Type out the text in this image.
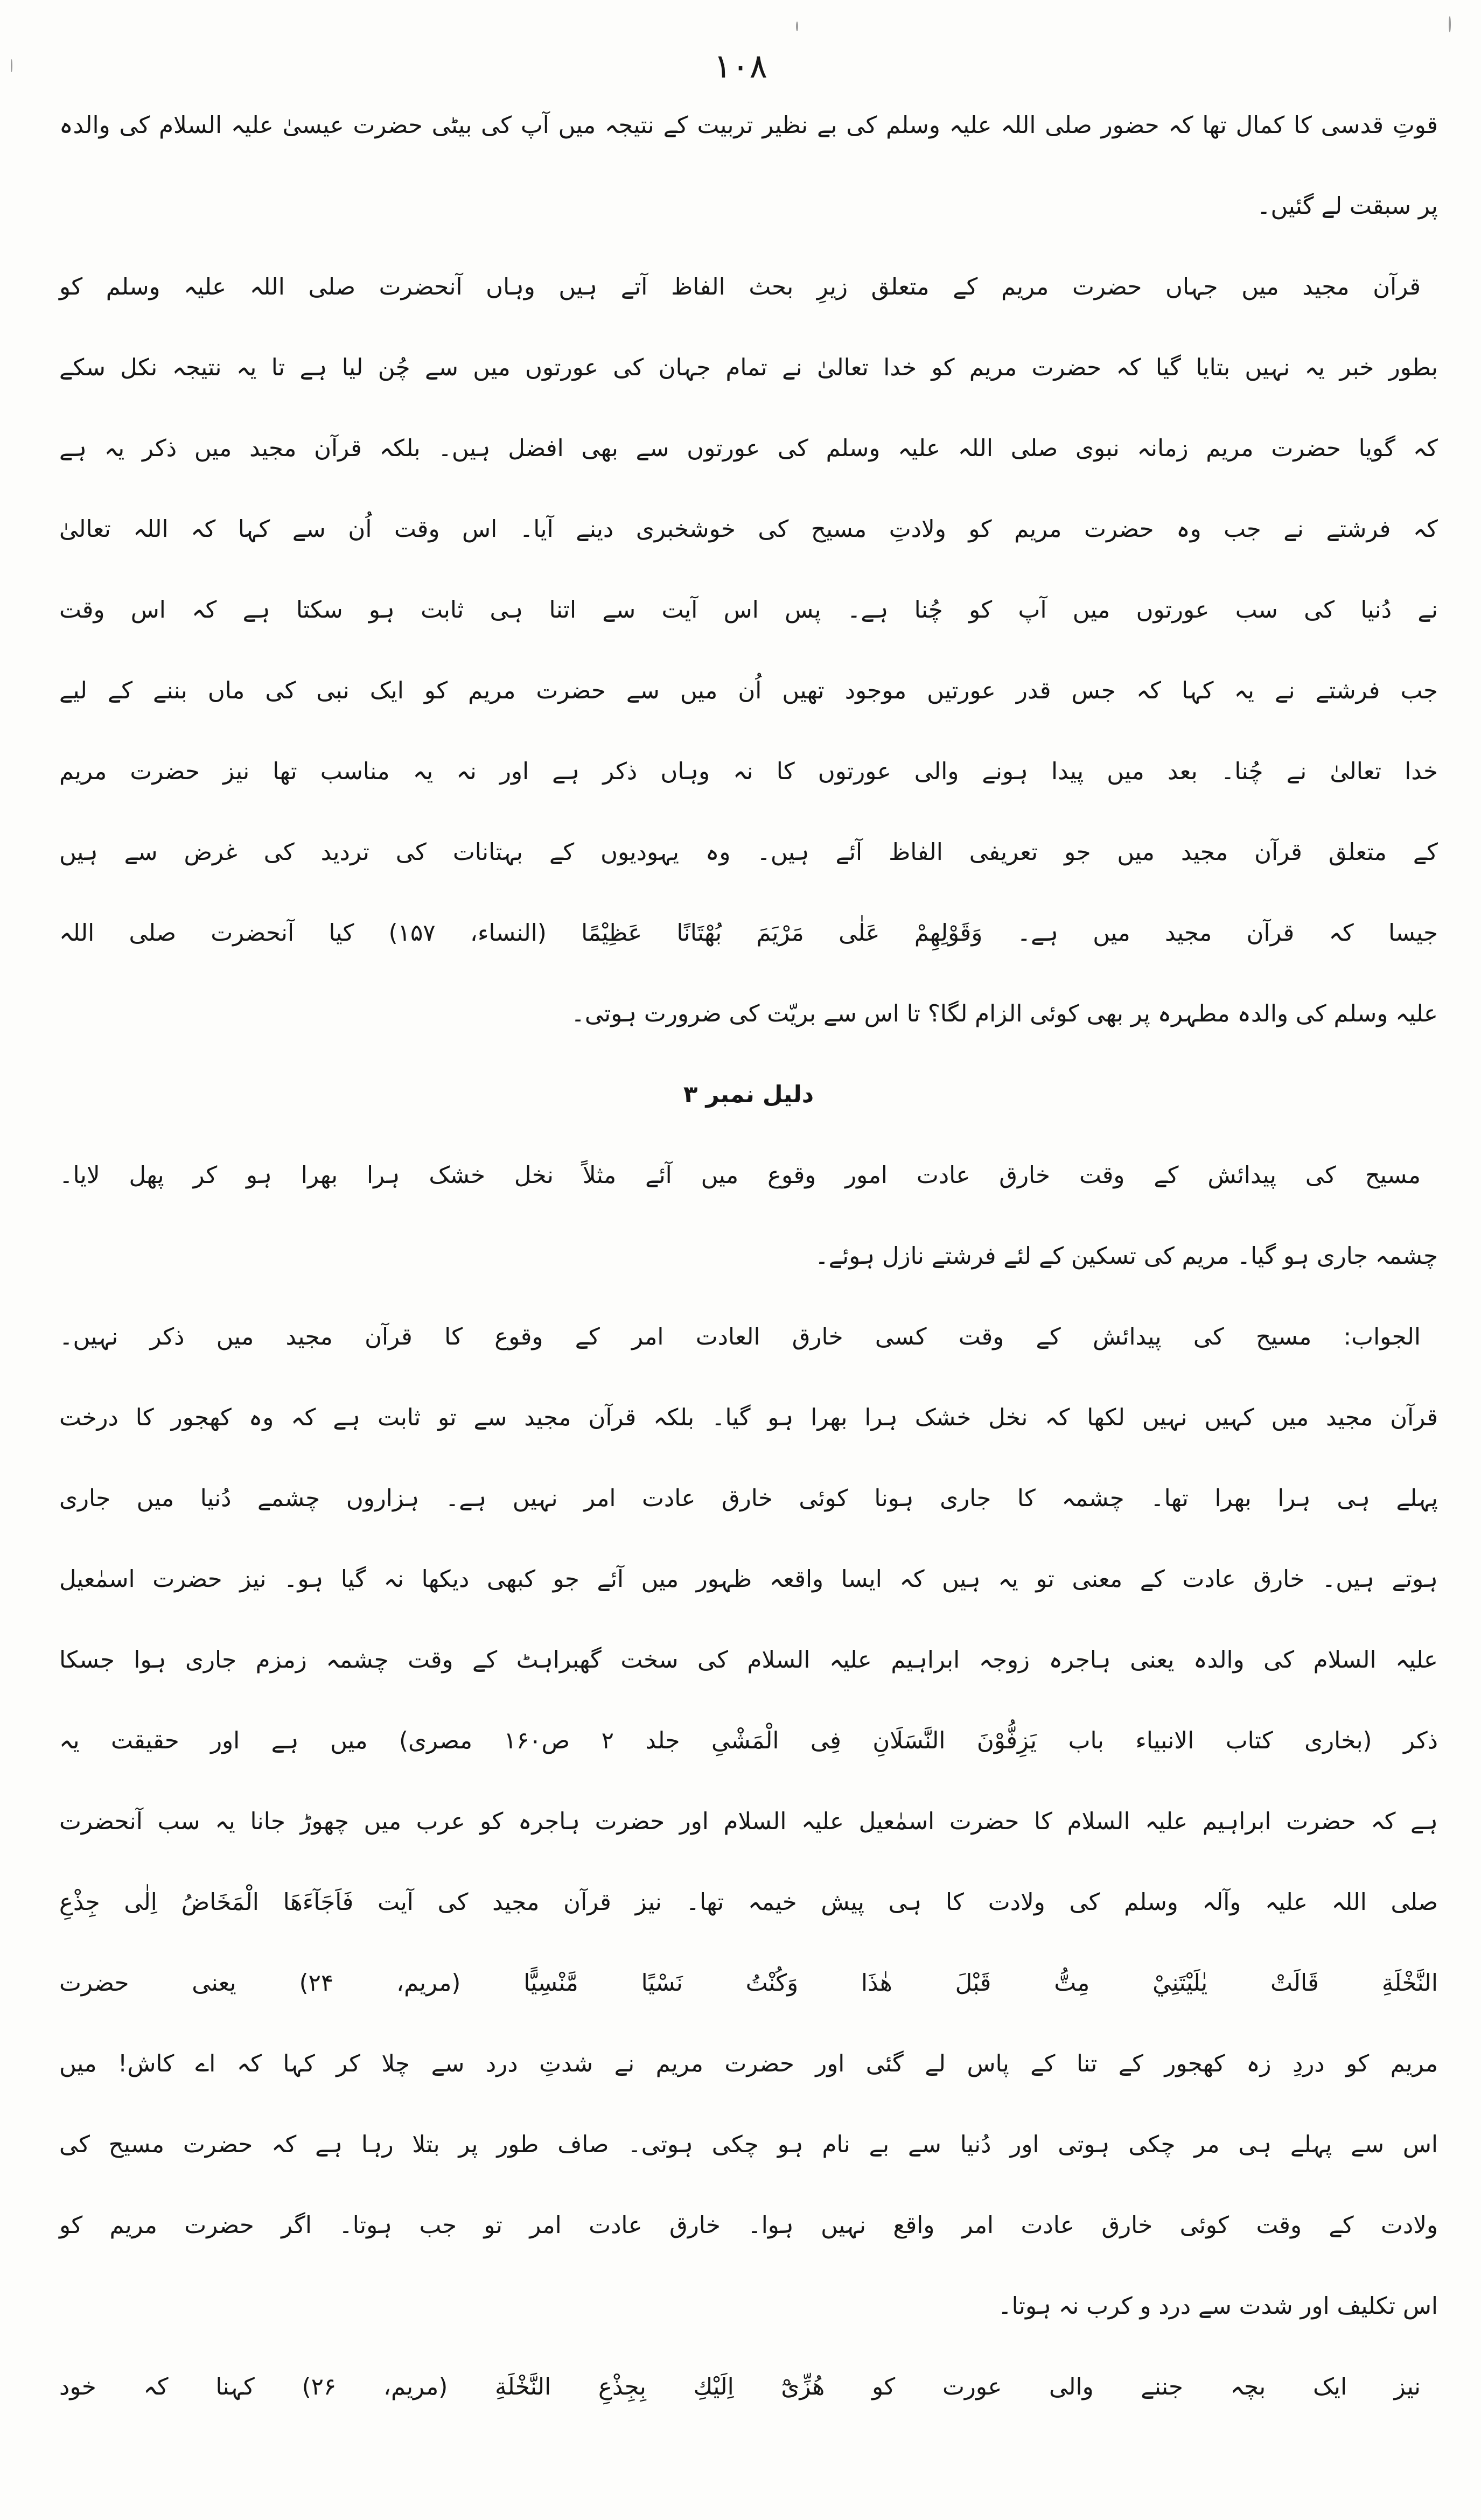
۱۰۸
قوتِ قدسی کا کمال تھا کہ حضور صلی اللہ علیہ وسلم کی بے نظیر تربیت کے نتیجہ میں آپ کی بیٹی حضرت عیسیٰ علیہ السلام کی والدہ
پر سبقت لے گئیں۔
قرآن مجید میں جہاں حضرت مریم کے متعلق زیرِ بحث الفاظ آتے ہیں وہاں آنحضرت صلی اللہ علیہ وسلم کو
بطور خبر یہ نہیں بتایا گیا کہ حضرت مریم کو خدا تعالیٰ نے تمام جہان کی عورتوں میں سے چُن لیا ہے تا یہ نتیجہ نکل سکے
کہ گویا حضرت مریم زمانہ نبوی صلی اللہ علیہ وسلم کی عورتوں سے بھی افضل ہیں۔ بلکہ قرآن مجید میں ذکر یہ ہے
کہ فرشتے نے جب وہ حضرت مریم کو ولادتِ مسیح کی خوشخبری دینے آیا۔ اس وقت اُن سے کہا کہ اللہ تعالیٰ
نے دُنیا کی سب عورتوں میں آپ کو چُنا ہے۔ پس اس آیت سے اتنا ہی ثابت ہو سکتا ہے کہ اس وقت
جب فرشتے نے یہ کہا کہ جس قدر عورتیں موجود تھیں اُن میں سے حضرت مریم کو ایک نبی کی ماں بننے کے لیے
خدا تعالیٰ نے چُنا۔ بعد میں پیدا ہونے والی عورتوں کا نہ وہاں ذکر ہے اور نہ یہ مناسب تھا نیز حضرت مریم
کے متعلق قرآن مجید میں جو تعریفی الفاظ آئے ہیں۔ وہ یہودیوں کے بہتانات کی تردید کی غرض سے ہیں
جیسا کہ قرآن مجید میں ہے۔ وَقَوْلِهِمْ عَلٰى مَرْيَمَ بُهْتَانًا عَظِيْمًا (النساء، ۱۵۷) کیا آنحضرت صلی اللہ
علیہ وسلم کی والدہ مطہرہ پر بھی کوئی الزام لگا؟ تا اس سے بریّت کی ضرورت ہوتی۔
دلیل نمبر ۳
مسیح کی پیدائش کے وقت خارق عادت امور وقوع میں آئے مثلاً نخل خشک ہرا بھرا ہو کر پھل لایا۔
چشمہ جاری ہو گیا۔ مریم کی تسکین کے لئے فرشتے نازل ہوئے۔
الجواب: مسیح کی پیدائش کے وقت کسی خارق العادت امر کے وقوع کا قرآن مجید میں ذکر نہیں۔
قرآن مجید میں کہیں نہیں لکھا کہ نخل خشک ہرا بھرا ہو گیا۔ بلکہ قرآن مجید سے تو ثابت ہے کہ وہ کھجور کا درخت
پہلے ہی ہرا بھرا تھا۔ چشمہ کا جاری ہونا کوئی خارق عادت امر نہیں ہے۔ ہزاروں چشمے دُنیا میں جاری
ہوتے ہیں۔ خارق عادت کے معنی تو یہ ہیں کہ ایسا واقعہ ظہور میں آئے جو کبھی دیکھا نہ گیا ہو۔ نیز حضرت اسمٰعیل
علیہ السلام کی والدہ یعنی ہاجرہ زوجہ ابراہیم علیہ السلام کی سخت گھبراہٹ کے وقت چشمہ زمزم جاری ہوا جسکا
ذکر (بخاری کتاب الانبیاء باب یَزِفُّوْنَ النَّسَلَانِ فِی الْمَشْیِ جلد ۲ ص۱۶۰ مصری) میں ہے اور حقیقت یہ
ہے کہ حضرت ابراہیم علیہ السلام کا حضرت اسمٰعیل علیہ السلام اور حضرت ہاجرہ کو عرب میں چھوڑ جانا یہ سب آنحضرت
صلی اللہ علیہ وآلہ وسلم کی ولادت کا ہی پیش خیمہ تھا۔ نیز قرآن مجید کی آیت فَاَجَآءَهَا الْمَخَاضُ اِلٰى جِذْعِ
النَّخْلَةِ قَالَتْ يٰلَيْتَنِيْ مِتُّ قَبْلَ هٰذَا وَكُنْتُ نَسْيًا مَّنْسِيًّا (مریم، ۲۴) یعنی حضرت
مریم کو دردِ زہ کھجور کے تنا کے پاس لے گئی اور حضرت مریم نے شدتِ درد سے چلا کر کہا کہ اے کاش! میں
اس سے پہلے ہی مر چکی ہوتی اور دُنیا سے بے نام ہو چکی ہوتی۔ صاف طور پر بتلا رہا ہے کہ حضرت مسیح کی
ولادت کے وقت کوئی خارق عادت امر واقع نہیں ہوا۔ خارق عادت امر تو جب ہوتا۔ اگر حضرت مریم کو
اس تکلیف اور شدت سے درد و کرب نہ ہوتا۔
نیز ایک بچہ جننے والی عورت کو هُزِّیْٓ اِلَیْكِ بِجِذْعِ النَّخْلَةِ (مریم، ۲۶) کہنا کہ خود
